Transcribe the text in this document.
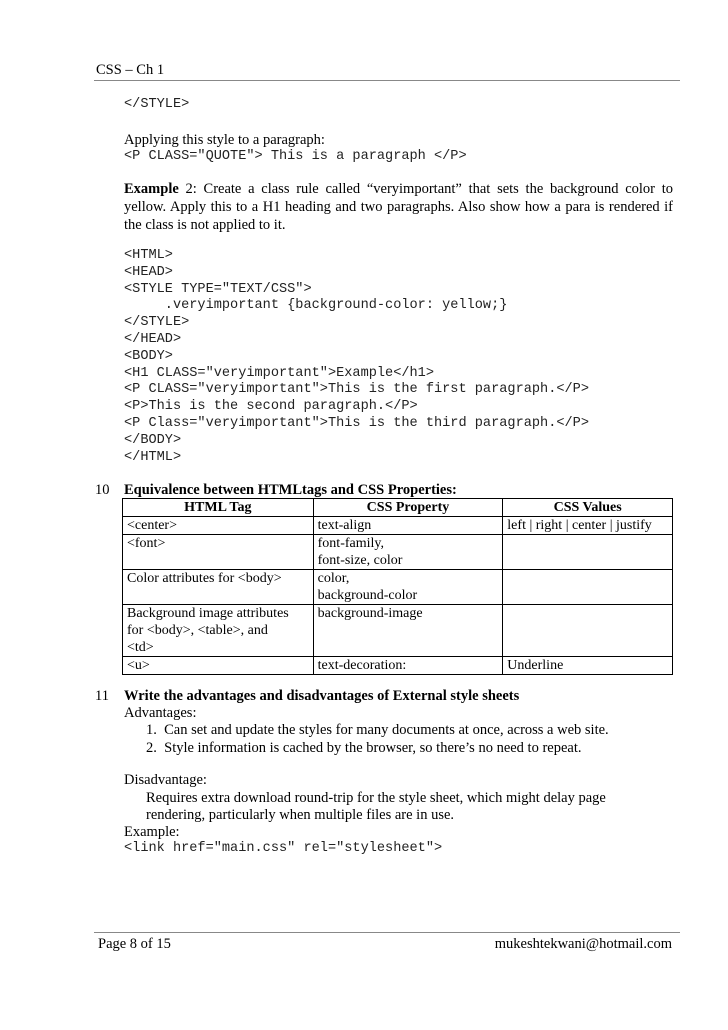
CSS – Ch 1
</STYLE>
Applying this style to a paragraph:
<P CLASS="QUOTE"> This is a paragraph </P>
Example 2: Create a class rule called “veryimportant” that sets the background color to yellow. Apply this to a H1 heading and two paragraphs. Also show how a para is rendered if the class is not applied to it.
<HTML>
<HEAD>
<STYLE TYPE="TEXT/CSS">
.veryimportant {background-color: yellow;}
</STYLE>
</HEAD>
<BODY>
<H1 CLASS="veryimportant">Example</h1>
<P CLASS="veryimportant">This is the first paragraph.</P>
<P>This is the second paragraph.</P>
<P Class="veryimportant">This is the third paragraph.</P>
</BODY>
</HTML>
10 Equivalence between HTMLtags and CSS Properties:
HTML Tag	CSS Property	CSS Values
<center>	text-align	left | right | center | justify
<font>	font-family,
font-size, color	
Color attributes for <body>	color,
background-color	
Background image attributes
for <body>, <table>, and
<td>	background-image	
<u>	text-decoration:	Underline
11 Write the advantages and disadvantages of External style sheets
Advantages:
1.  Can set and update the styles for many documents at once, across a web site.
2.  Style information is cached by the browser, so there’s no need to repeat.
Disadvantage:
Requires extra download round-trip for the style sheet, which might delay page
rendering, particularly when multiple files are in use.
Example:
<link href="main.css" rel="stylesheet">
Page 8 of 15	mukeshtekwani@hotmail.com
